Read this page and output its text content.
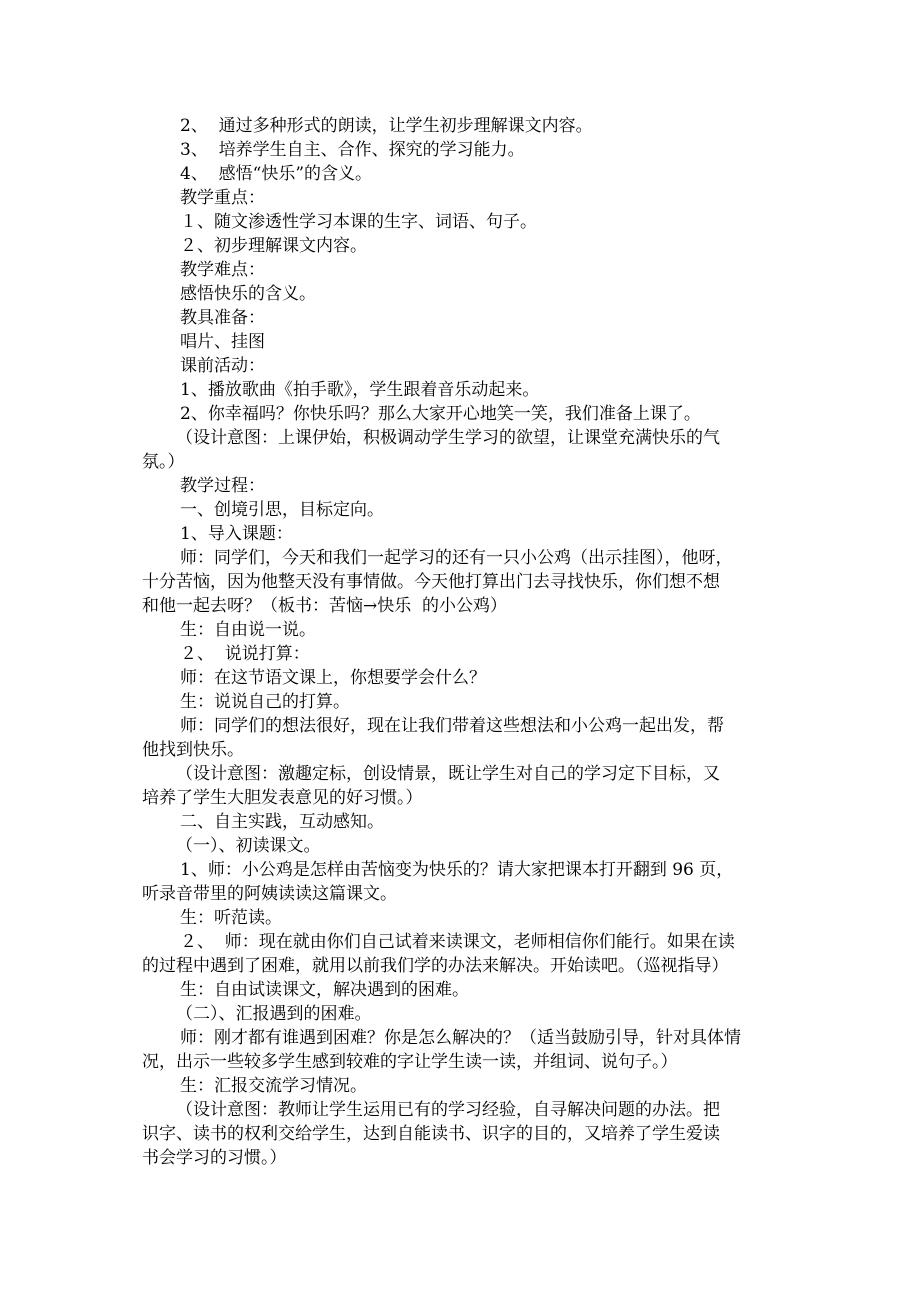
2、  通过多种形式的朗读，让学生初步理解课文内容。
3、  培养学生自主、合作、探究的学习能力。
4、  感悟“快乐”的含义。
教学重点：
１、随文渗透性学习本课的生字、词语、句子。
２、初步理解课文内容。
教学难点：
感悟快乐的含义。
教具准备：
唱片、挂图
课前活动：
1、播放歌曲《拍手歌》，学生跟着音乐动起来。
2、你幸福吗？你快乐吗？那么大家开心地笑一笑，我们准备上课了。
（设计意图：上课伊始，积极调动学生学习的欲望，让课堂充满快乐的气
氛。）
教学过程：
一、创境引思，目标定向。
1、导入课题：
师：同学们，今天和我们一起学习的还有一只小公鸡（出示挂图），他呀，
十分苦恼，因为他整天没有事情做。今天他打算出门去寻找快乐，你们想不想
和他一起去呀？（板书：苦恼→快乐  的小公鸡）
生：自由说一说。
２、  说说打算：
师：在这节语文课上，你想要学会什么？
生：说说自己的打算。
师：同学们的想法很好，现在让我们带着这些想法和小公鸡一起出发，帮
他找到快乐。
（设计意图：激趣定标，创设情景，既让学生对自己的学习定下目标，又
培养了学生大胆发表意见的好习惯。）
二、自主实践，互动感知。
（一）、初读课文。
1、师：小公鸡是怎样由苦恼变为快乐的？请大家把课本打开翻到 96 页，
听录音带里的阿姨读读这篇课文。
生：听范读。
２、  师：现在就由你们自己试着来读课文，老师相信你们能行。如果在读
的过程中遇到了困难，就用以前我们学的办法来解决。开始读吧。（巡视指导）
生：自由试读课文，解决遇到的困难。
（二）、汇报遇到的困难。
师：刚才都有谁遇到困难？你是怎么解决的？（适当鼓励引导，针对具体情
况，出示一些较多学生感到较难的字让学生读一读，并组词、说句子。）
生：汇报交流学习情况。
（设计意图：教师让学生运用已有的学习经验，自寻解决问题的办法。把
识字、读书的权利交给学生，达到自能读书、识字的目的，又培养了学生爱读
书会学习的习惯。）
